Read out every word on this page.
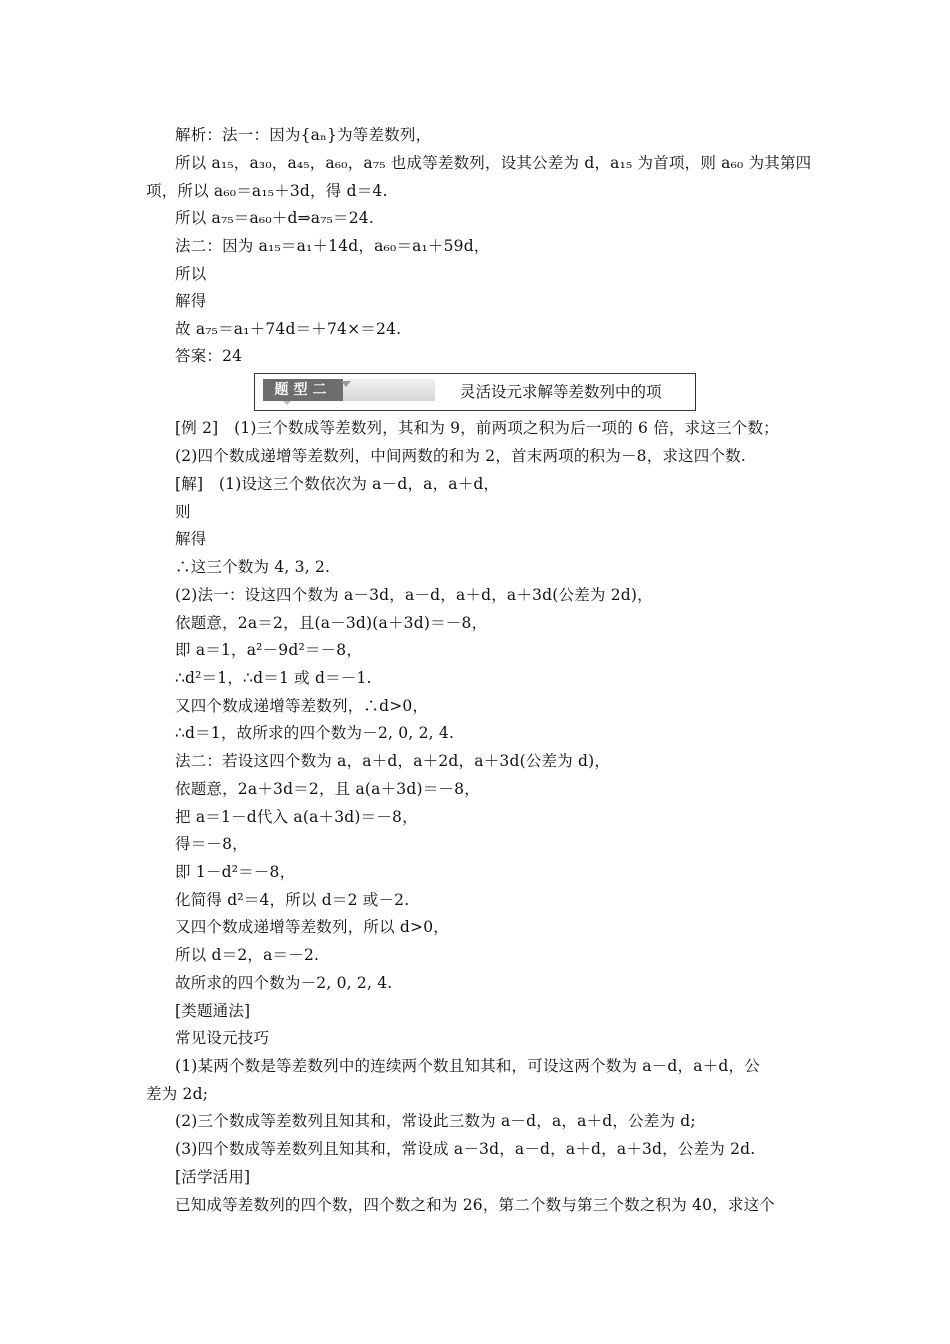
解析：法一：因为{aₙ}为等差数列，
所以 a₁₅，a₃₀，a₄₅，a₆₀，a₇₅ 也成等差数列，设其公差为 d，a₁₅ 为首项，则 a₆₀ 为其第四
项，所以 a₆₀＝a₁₅＋3d，得 d＝4.
所以 a₇₅＝a₆₀＋d⇒a₇₅＝24.
法二：因为 a₁₅＝a₁＋14d，a₆₀＝a₁＋59d，
所以
解得
故 a₇₅＝a₁＋74d＝＋74×＝24.
答案：24
题型二	灵活设元求解等差数列中的项
[例 2]　(1)三个数成等差数列，其和为 9，前两项之积为后一项的 6 倍，求这三个数；
(2)四个数成递增等差数列，中间两数的和为 2，首末两项的积为－8，求这四个数.
[解]　(1)设这三个数依次为 a－d，a，a＋d，
则
解得
∴这三个数为 4, 3, 2.
(2)法一：设这四个数为 a－3d，a－d，a＋d，a＋3d(公差为 2d)，
依题意，2a＝2，且(a－3d)(a＋3d)＝－8，
即 a＝1，a²－9d²＝－8，
∴d²＝1，∴d＝1 或 d＝－1.
又四个数成递增等差数列，∴d>0，
∴d＝1，故所求的四个数为－2, 0, 2, 4.
法二：若设这四个数为 a，a＋d，a＋2d，a＋3d(公差为 d)，
依题意，2a＋3d＝2，且 a(a＋3d)＝－8，
把 a＝1－d代入 a(a＋3d)＝－8，
得＝－8，
即 1－d²＝－8，
化简得 d²＝4，所以 d＝2 或－2.
又四个数成递增等差数列，所以 d>0，
所以 d＝2，a＝－2.
故所求的四个数为－2, 0, 2, 4.
[类题通法]
常见设元技巧
(1)某两个数是等差数列中的连续两个数且知其和，可设这两个数为 a－d，a＋d，公
差为 2d;
(2)三个数成等差数列且知其和，常设此三数为 a－d，a，a＋d，公差为 d;
(3)四个数成等差数列且知其和，常设成 a－3d，a－d，a＋d，a＋3d，公差为 2d.
[活学活用]
已知成等差数列的四个数，四个数之和为 26，第二个数与第三个数之积为 40，求这个
